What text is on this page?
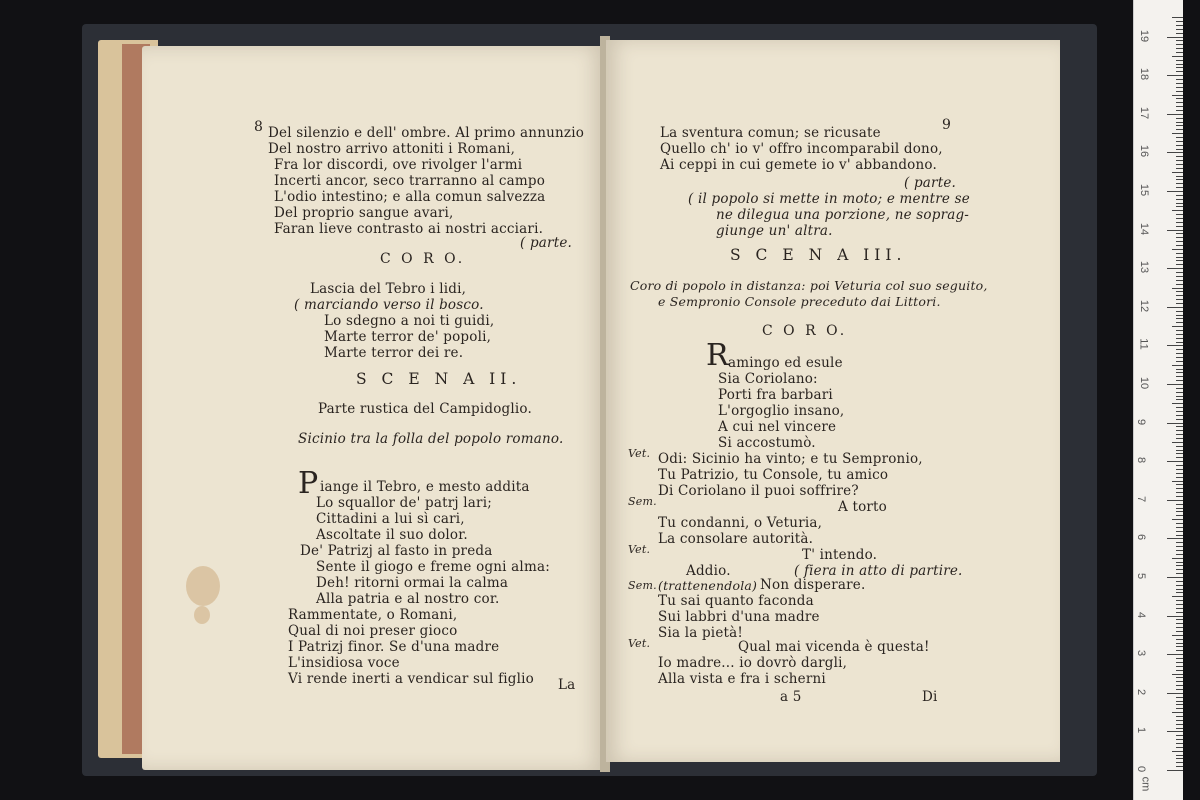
8 Del silenzio e dell' ombre. Al primo annunzio
Del nostro arrivo attoniti i Romani,
Fra lor discordi, ove rivolger l'armi
Incerti ancor, seco trarranno al campo
L'odio intestino; e alla comun salvezza
Del proprio sangue avari,
Faran lieve contrasto ai nostri acciari.
( parte.
C O R O.
Lascia del Tebro i lidi,
( marciando verso il bosco.
Lo sdegno a noi ti guidi,
Marte terror de' popoli,
Marte terror dei re.
S C E N A II.
Parte rustica del Campidoglio.
Sicinio tra la folla del popolo romano.
P iange il Tebro, e mesto addita
Lo squallor de' patrj lari;
Cittadini a lui sì cari,
Ascoltate il suo dolor.
De' Patrizj al fasto in preda
Sente il giogo e freme ogni alma:
Deh! ritorni ormai la calma
Alla patria e al nostro cor.
Rammentate, o Romani,
Qual di noi preser gioco
I Patrizj finor. Se d'una madre
L'insidiosa voce
Vi rende inerti a vendicar sul figlio La
9
La sventura comun; se ricusate
Quello ch' io v' offro incomparabil dono,
Ai ceppi in cui gemete io v' abbandono.
( parte.
( il popolo si mette in moto; e mentre se
ne dilegua una porzione, ne soprag-
giunge un' altra.
S C E N A III.
Coro di popolo in distanza: poi Veturia col suo seguito,
e Sempronio Console preceduto dai Littori.
C O R O.
R amingo ed esule
Sia Coriolano:
Porti fra barbari
L'orgoglio insano,
A cui nel vincere
Si accostumò.
Vet. Odi: Sicinio ha vinto; e tu Sempronio,
Tu Patrizio, tu Console, tu amico
Di Coriolano il puoi soffrire?
Sem.	A torto
Tu condanni, o Veturia,
La consolare autorità.
Vet.	T' intendo.
Addio.	( fiera in atto di partire.
Sem. (trattenendola) Non disperare.
Tu sai quanto faconda
Sui labbri d'una madre
Sia la pietà!
Vet.	Qual mai vicenda è questa!
Io madre... io dovrò dargli,
Alla vista e fra i scherni
a 5	Di
0
1
2
3
4
5
6
7
8
9
10
11
12
13
14
15
16
17
18
19
cm
